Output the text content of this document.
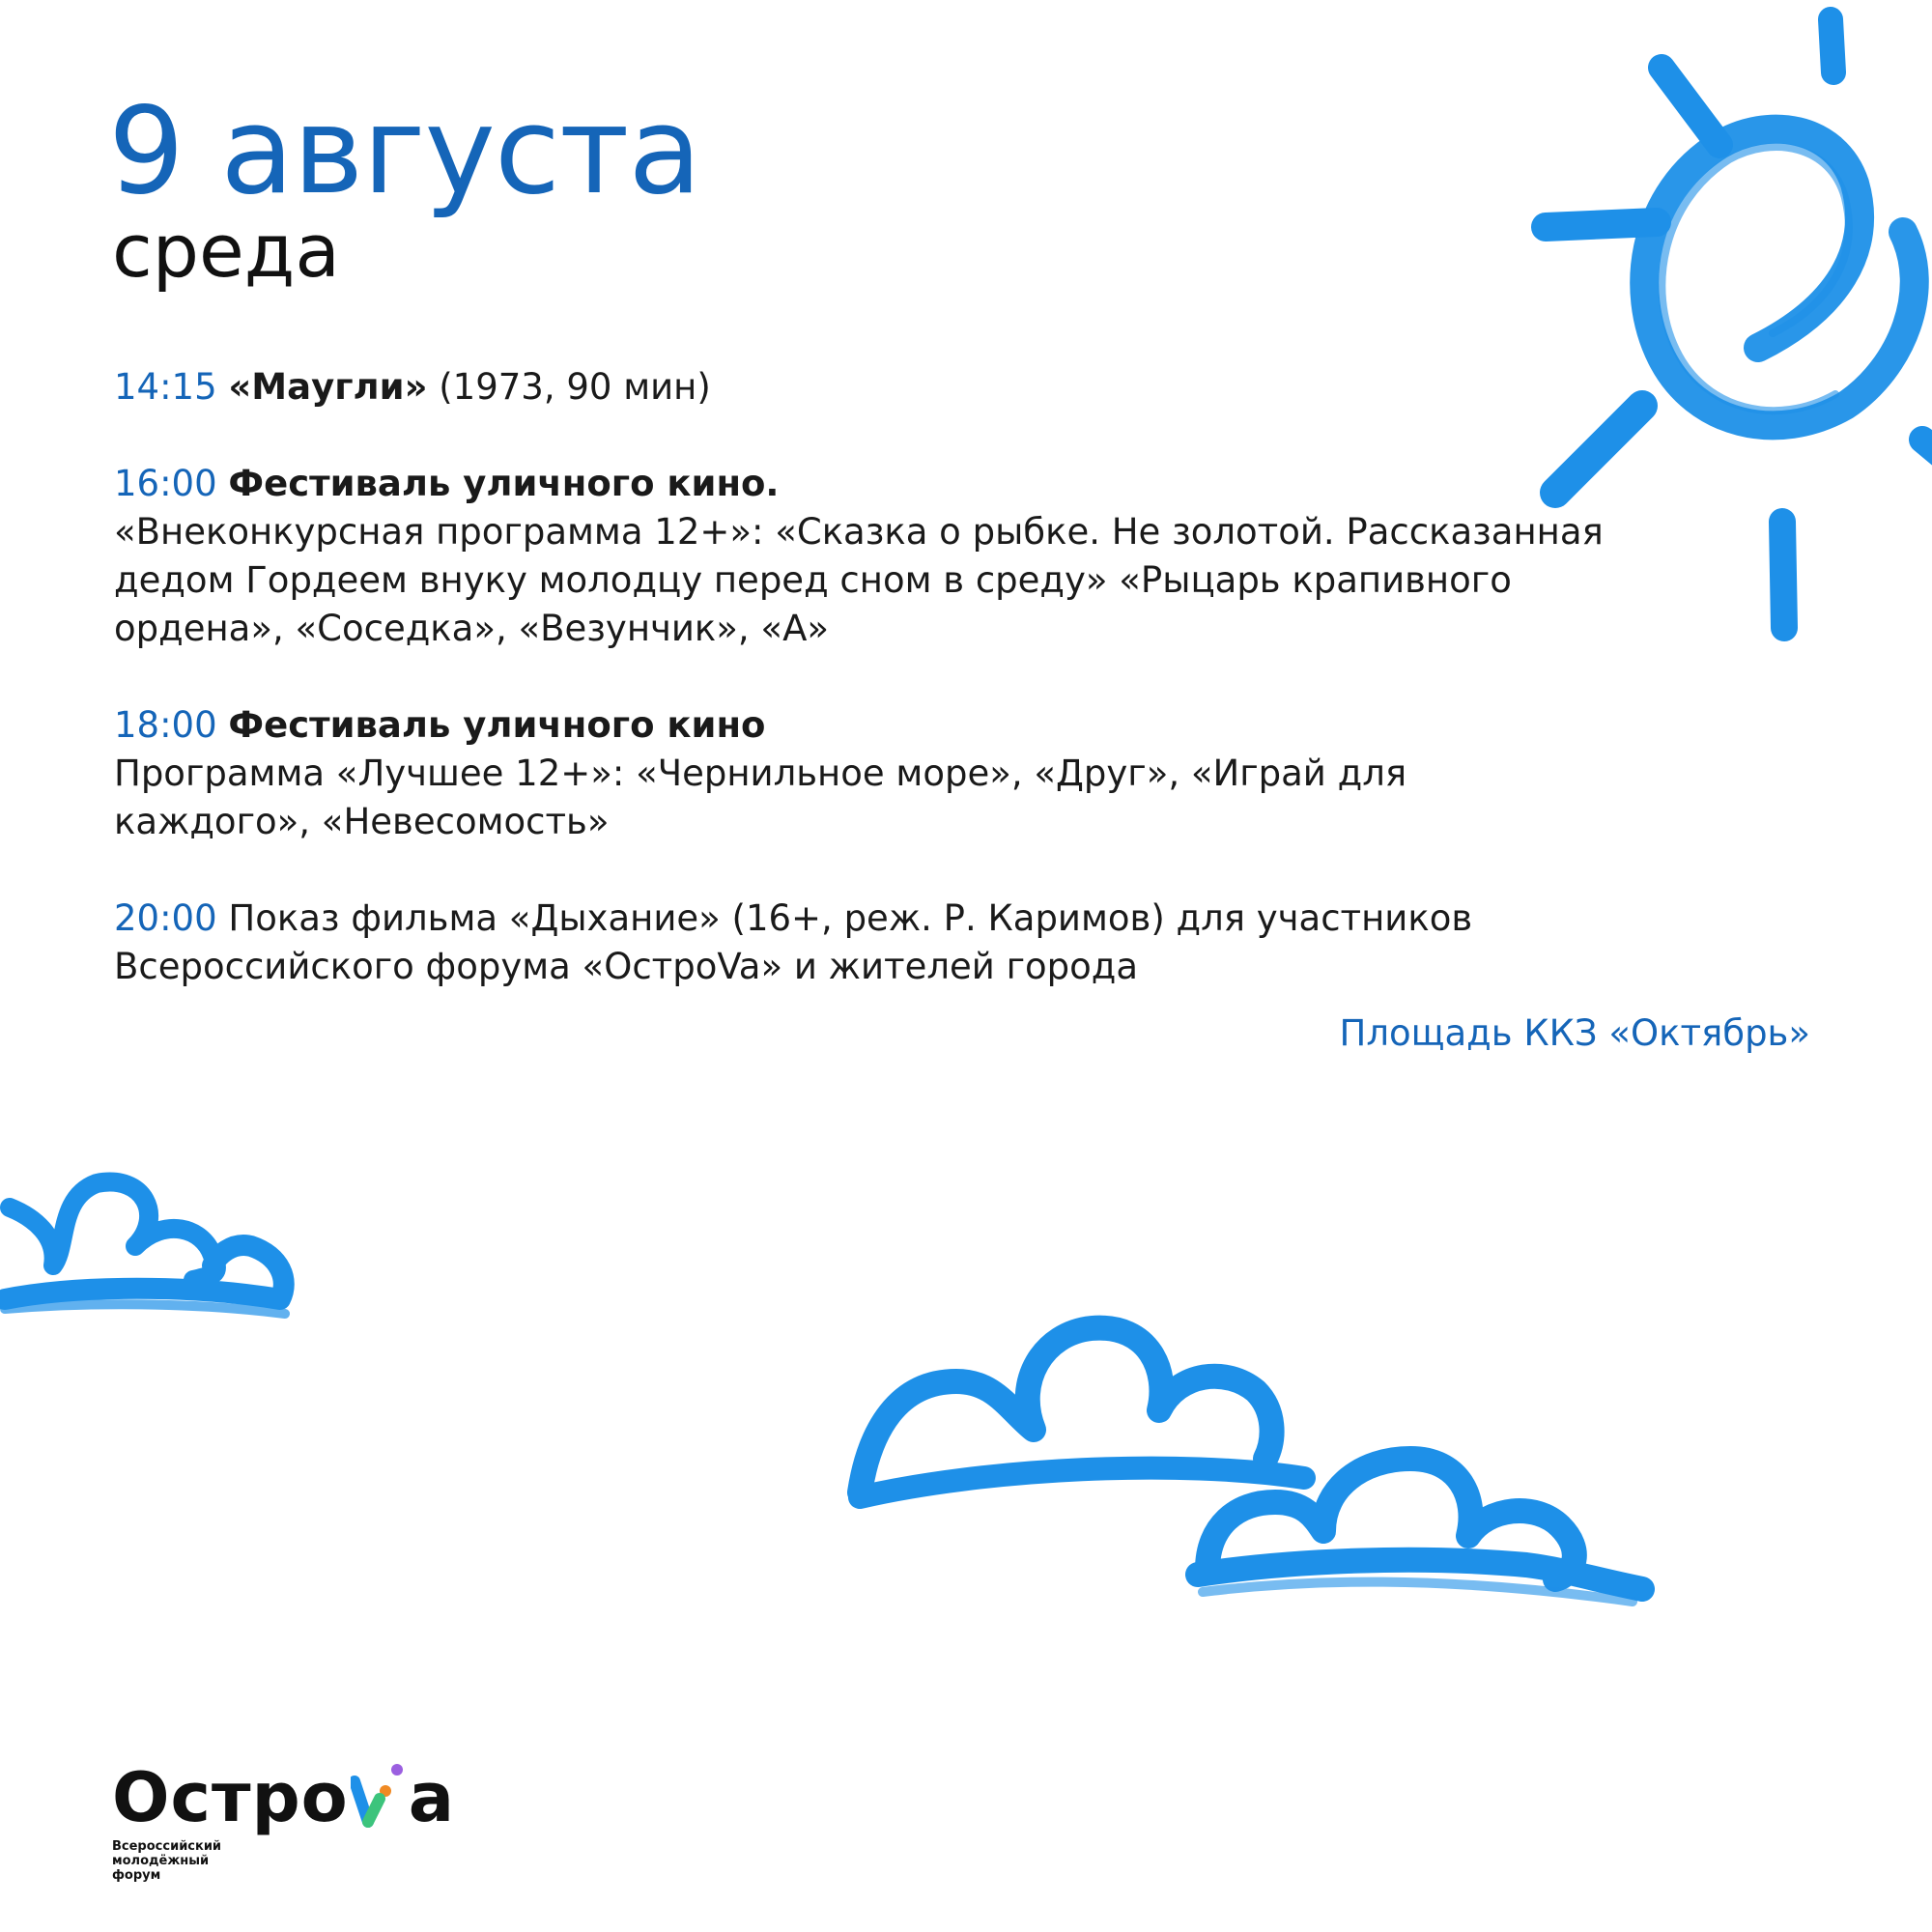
9 августа
среда

14:15 «Маугли» (1973, 90 мин)

16:00 Фестиваль уличного кино.
«Внеконкурсная программа 12+»: «Сказка о рыбке. Не золотой. Рассказанная дедом Гордеем внуку молодцу перед сном в среду» «Рыцарь крапивного ордена», «Соседка», «Везунчик», «А»

18:00 Фестиваль уличного кино
Программа «Лучшее 12+»: «Чернильное море», «Друг», «Играй для каждого», «Невесомость»

20:00 Показ фильма «Дыхание» (16+, реж. Р. Каримов) для участников Всероссийского форума «ОстроVa» и жителей города

Площадь ККЗ «Октябрь»
Остро a
Всероссийский
молодёжный
форум
